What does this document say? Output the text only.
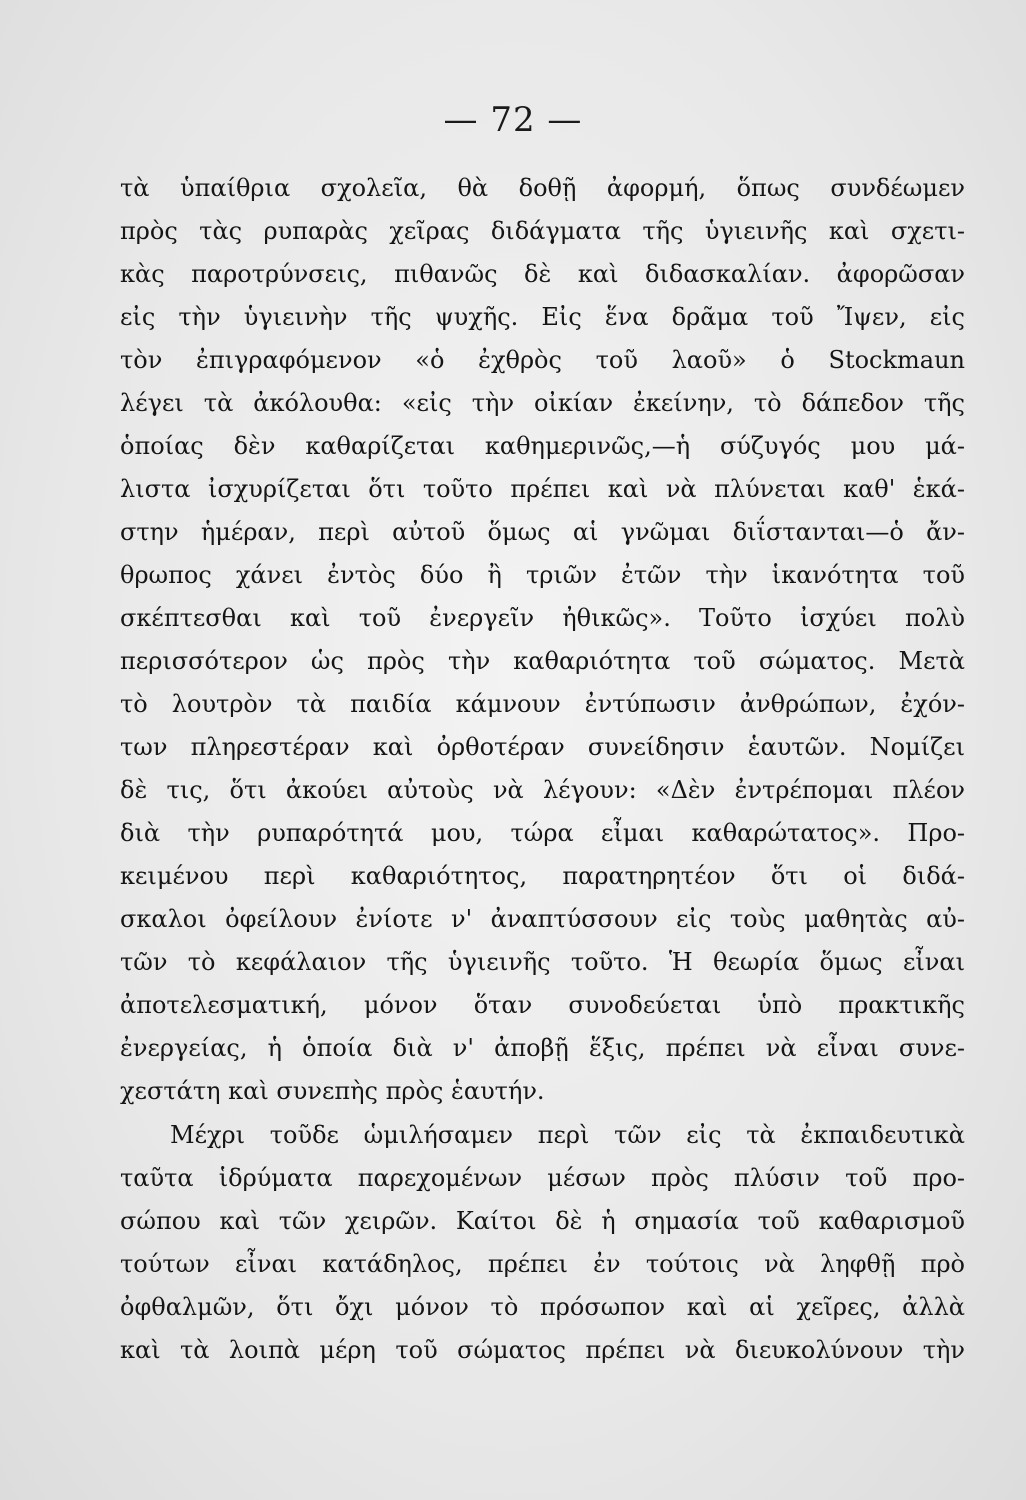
— 72 —
τὰ ὑπαίθρια σχολεῖα, θὰ δοθῇ ἀφορμή, ὅπως συνδέωμεν
πρὸς τὰς ρυπαρὰς χεῖρας διδάγματα τῆς ὑγιεινῆς καὶ σχετι-
κὰς παροτρύνσεις, πιθανῶς δὲ καὶ διδασκαλίαν. ἀφορῶσαν
εἰς τὴν ὑγιεινὴν τῆς ψυχῆς. Εἰς ἕνα δρᾶμα τοῦ Ἴψεν, εἰς
τὸν ἐπιγραφόμενον «ὁ ἐχθρὸς τοῦ λαοῦ» ὁ Stockmaun
λέγει τὰ ἀκόλουθα: «εἰς τὴν οἰκίαν ἐκείνην, τὸ δάπεδον τῆς
ὁποίας δὲν καθαρίζεται καθημερινῶς,—ἡ σύζυγός μου μά-
λιστα ἰσχυρίζεται ὅτι τοῦτο πρέπει καὶ νὰ πλύνεται καθ' ἑκά-
στην ἡμέραν, περὶ αὐτοῦ ὅμως αἱ γνῶμαι διΐστανται—ὁ ἄν-
θρωπος χάνει ἐντὸς δύο ἢ τριῶν ἐτῶν τὴν ἱκανότητα τοῦ
σκέπτεσθαι καὶ τοῦ ἐνεργεῖν ἠθικῶς». Τοῦτο ἰσχύει πολὺ
περισσότερον ὡς πρὸς τὴν καθαριότητα τοῦ σώματος. Μετὰ
τὸ λουτρὸν τὰ παιδία κάμνουν ἐντύπωσιν ἀνθρώπων, ἐχόν-
των πληρεστέραν καὶ ὀρθοτέραν συνείδησιν ἑαυτῶν. Νομίζει
δὲ τις, ὅτι ἀκούει αὐτοὺς νὰ λέγουν: «Δὲν ἐντρέπομαι πλέον
διὰ τὴν ρυπαρότητά μου, τώρα εἶμαι καθαρώτατος». Προ-
κειμένου περὶ καθαριότητος, παρατηρητέον ὅτι οἱ διδά-
σκαλοι ὀφείλουν ἐνίοτε ν' ἀναπτύσσουν εἰς τοὺς μαθητὰς αὐ-
τῶν τὸ κεφάλαιον τῆς ὑγιεινῆς τοῦτο. Ἡ θεωρία ὅμως εἶναι
ἀποτελεσματική, μόνον ὅταν συνοδεύεται ὑπὸ πρακτικῆς
ἐνεργείας, ἡ ὁποία διὰ ν' ἀποβῇ ἕξις, πρέπει νὰ εἶναι συνε-
χεστάτη καὶ συνεπὴς πρὸς ἑαυτήν.
Μέχρι τοῦδε ὡμιλήσαμεν περὶ τῶν εἰς τὰ ἐκπαιδευτικὰ
ταῦτα ἱδρύματα παρεχομένων μέσων πρὸς πλύσιν τοῦ προ-
σώπου καὶ τῶν χειρῶν. Καίτοι δὲ ἡ σημασία τοῦ καθαρισμοῦ
τούτων εἶναι κατάδηλος, πρέπει ἐν τούτοις νὰ ληφθῇ πρὸ
ὀφθαλμῶν, ὅτι ὄχι μόνον τὸ πρόσωπον καὶ αἱ χεῖρες, ἀλλὰ
καὶ τὰ λοιπὰ μέρη τοῦ σώματος πρέπει νὰ διευκολύνουν τὴν
